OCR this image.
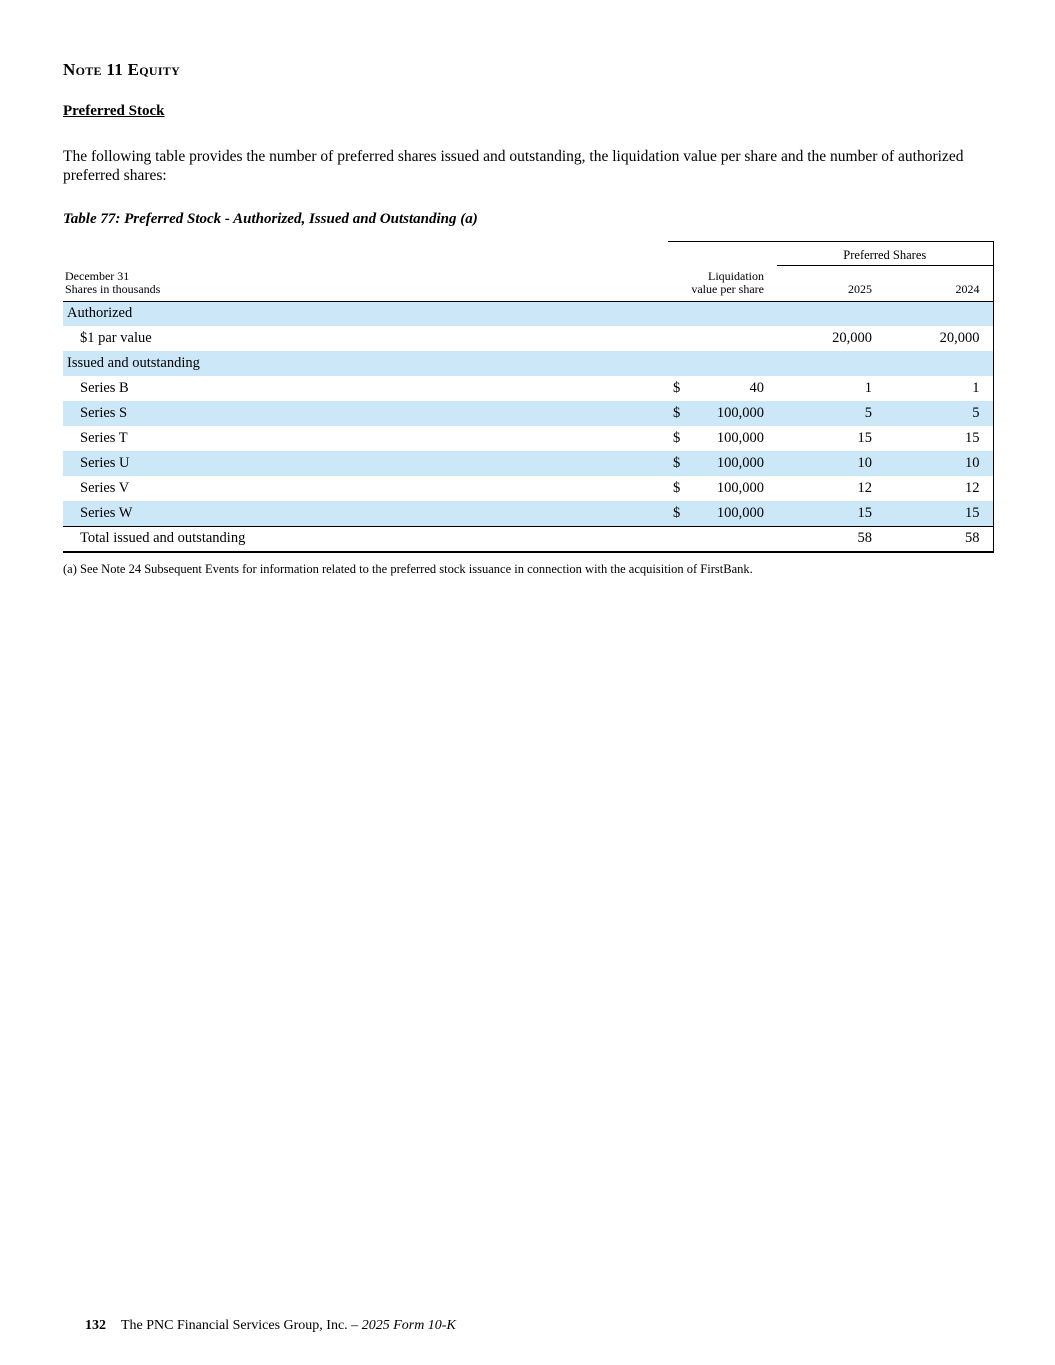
Note 11 Equity
Preferred Stock

The following table provides the number of preferred shares issued and outstanding, the liquidation value per share and the number of authorized preferred shares:

Table 77: Preferred Stock - Authorized, Issued and Outstanding (a)
		Preferred Shares	

December 31
Shares in thousands

Liquidation
value per share	2025	2024
Authorized			
$1 par value		20,000	20,000
Issued and outstanding			
Series B	$ 40	1	1
Series S	$ 100,000	5	5
Series T	$ 100,000	15	15
Series U	$ 100,000	10	10
Series V	$ 100,000	12	12
Series W	$ 100,000	15	15
Total issued and outstanding		58	58

(a) See Note 24 Subsequent Events for information related to the preferred stock issuance in connection with the acquisition of FirstBank.

132 The PNC Financial Services Group, Inc. – 2025 Form 10-K
